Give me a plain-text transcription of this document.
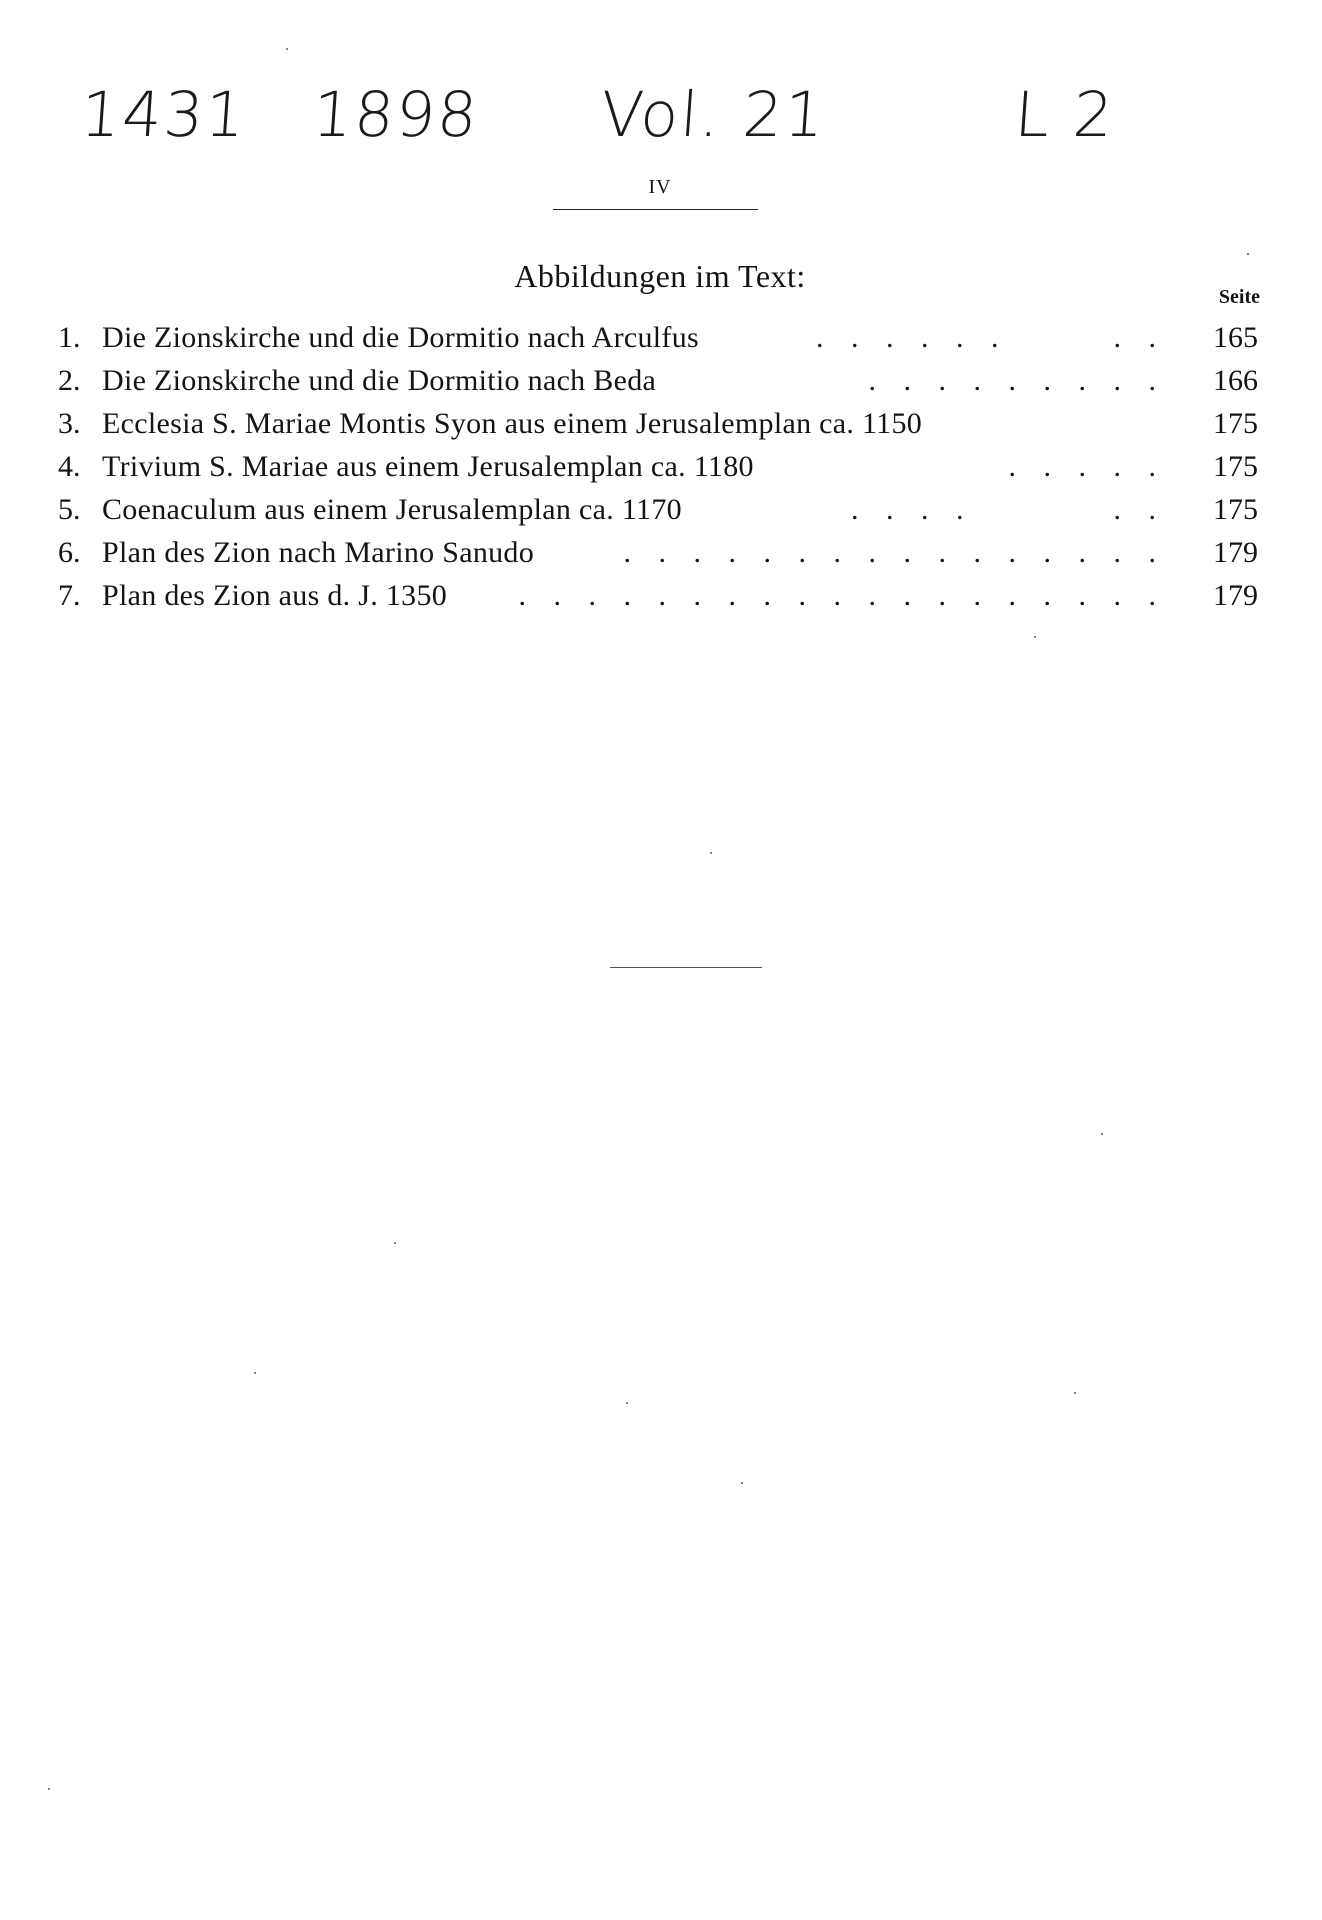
1431 1898 Vol. 21	L 2
IV
Abbildungen im Text:
Seite
. . . . . .      . .
1. Die Zionskirche und die Dormitio nach Arculfus	165
. . . . . . . . .
2. Die Zionskirche und die Dormitio nach Beda	166
3. Ecclesia S. Mariae Montis Syon aus einem Jerusalemplan ca. 1150	175
. . . . .
4. Trivium S. Mariae aus einem Jerusalemplan ca. 1180	175
. . . .        . .
5. Coenaculum aus einem Jerusalemplan ca. 1170	175
. . . . . . . . . . . . . . . .
6. Plan des Zion nach Marino Sanudo	179
. . . . . . . . . . . . . . . . . . .
7. Plan des Zion aus d. J. 1350	179
